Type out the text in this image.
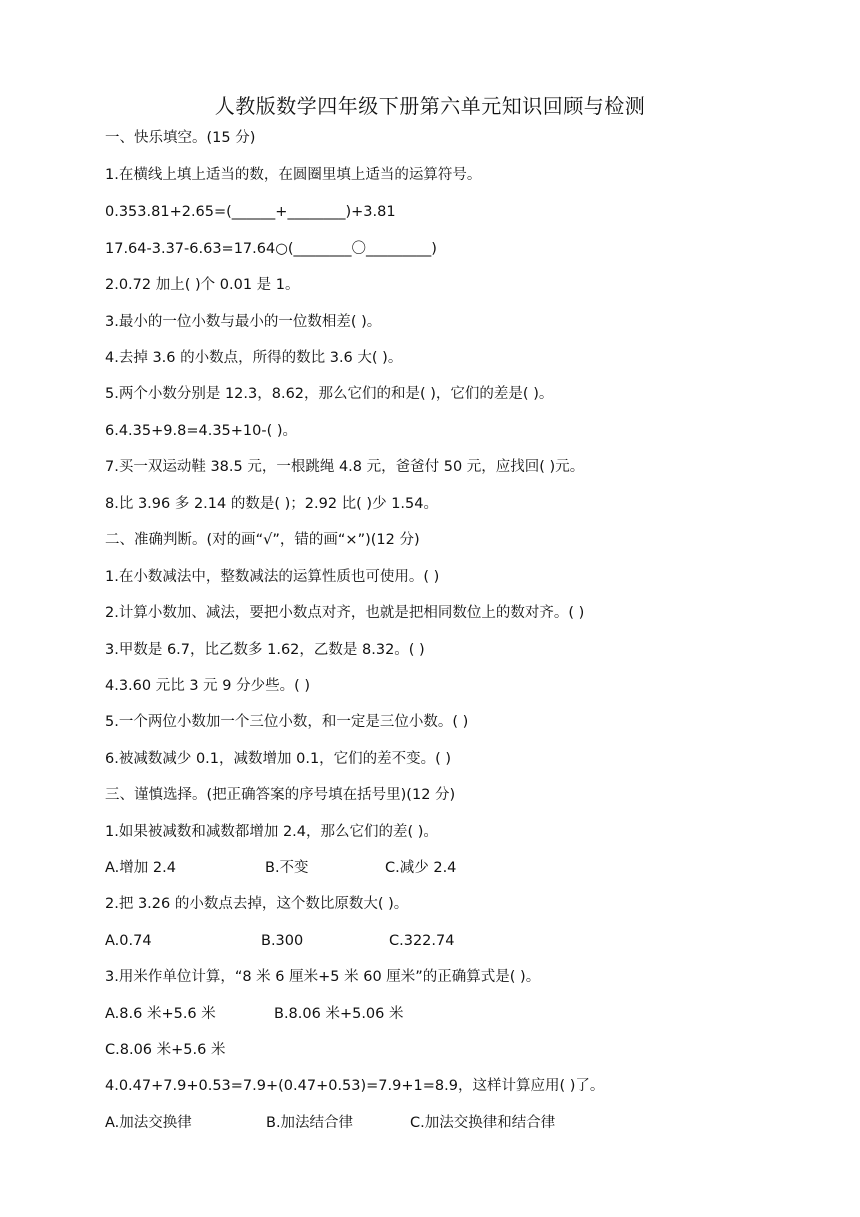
人教版数学四年级下册第六单元知识回顾与检测
一、快乐填空。(15 分)
1.在横线上填上适当的数，在圆圈里填上适当的运算符号。
0.353.81+2.65=(______+________)+3.81
17.64-3.37-6.63=17.64○(________〇_________)
2.0.72 加上( )个 0.01 是 1。
3.最小的一位小数与最小的一位数相差( )。
4.去掉 3.6 的小数点，所得的数比 3.6 大( )。
5.两个小数分别是 12.3，8.62，那么它们的和是( )，它们的差是( )。
6.4.35+9.8=4.35+10-( )。
7.买一双运动鞋 38.5 元，一根跳绳 4.8 元，爸爸付 50 元，应找回( )元。
8.比 3.96 多 2.14 的数是( )；2.92 比( )少 1.54。
二、准确判断。(对的画“√”，错的画“×”)(12 分)
1.在小数减法中，整数减法的运算性质也可使用。( )
2.计算小数加、减法，要把小数点对齐，也就是把相同数位上的数对齐。( )
3.甲数是 6.7，比乙数多 1.62，乙数是 8.32。( )
4.3.60 元比 3 元 9 分少些。( )
5.一个两位小数加一个三位小数，和一定是三位小数。( )
6.被减数减少 0.1，减数增加 0.1，它们的差不变。( )
三、谨慎选择。(把正确答案的序号填在括号里)(12 分)
1.如果被减数和减数都增加 2.4，那么它们的差( )。
A.增加 2.4	B.不变	C.减少 2.4
2.把 3.26 的小数点去掉，这个数比原数大( )。
A.0.74	B.300	C.322.74
3.用米作单位计算，“8 米 6 厘米+5 米 60 厘米”的正确算式是( )。
A.8.6 米+5.6 米	B.8.06 米+5.06 米
C.8.06 米+5.6 米
4.0.47+7.9+0.53=7.9+(0.47+0.53)=7.9+1=8.9，这样计算应用( )了。
A.加法交换律	B.加法结合律	C.加法交换律和结合律
